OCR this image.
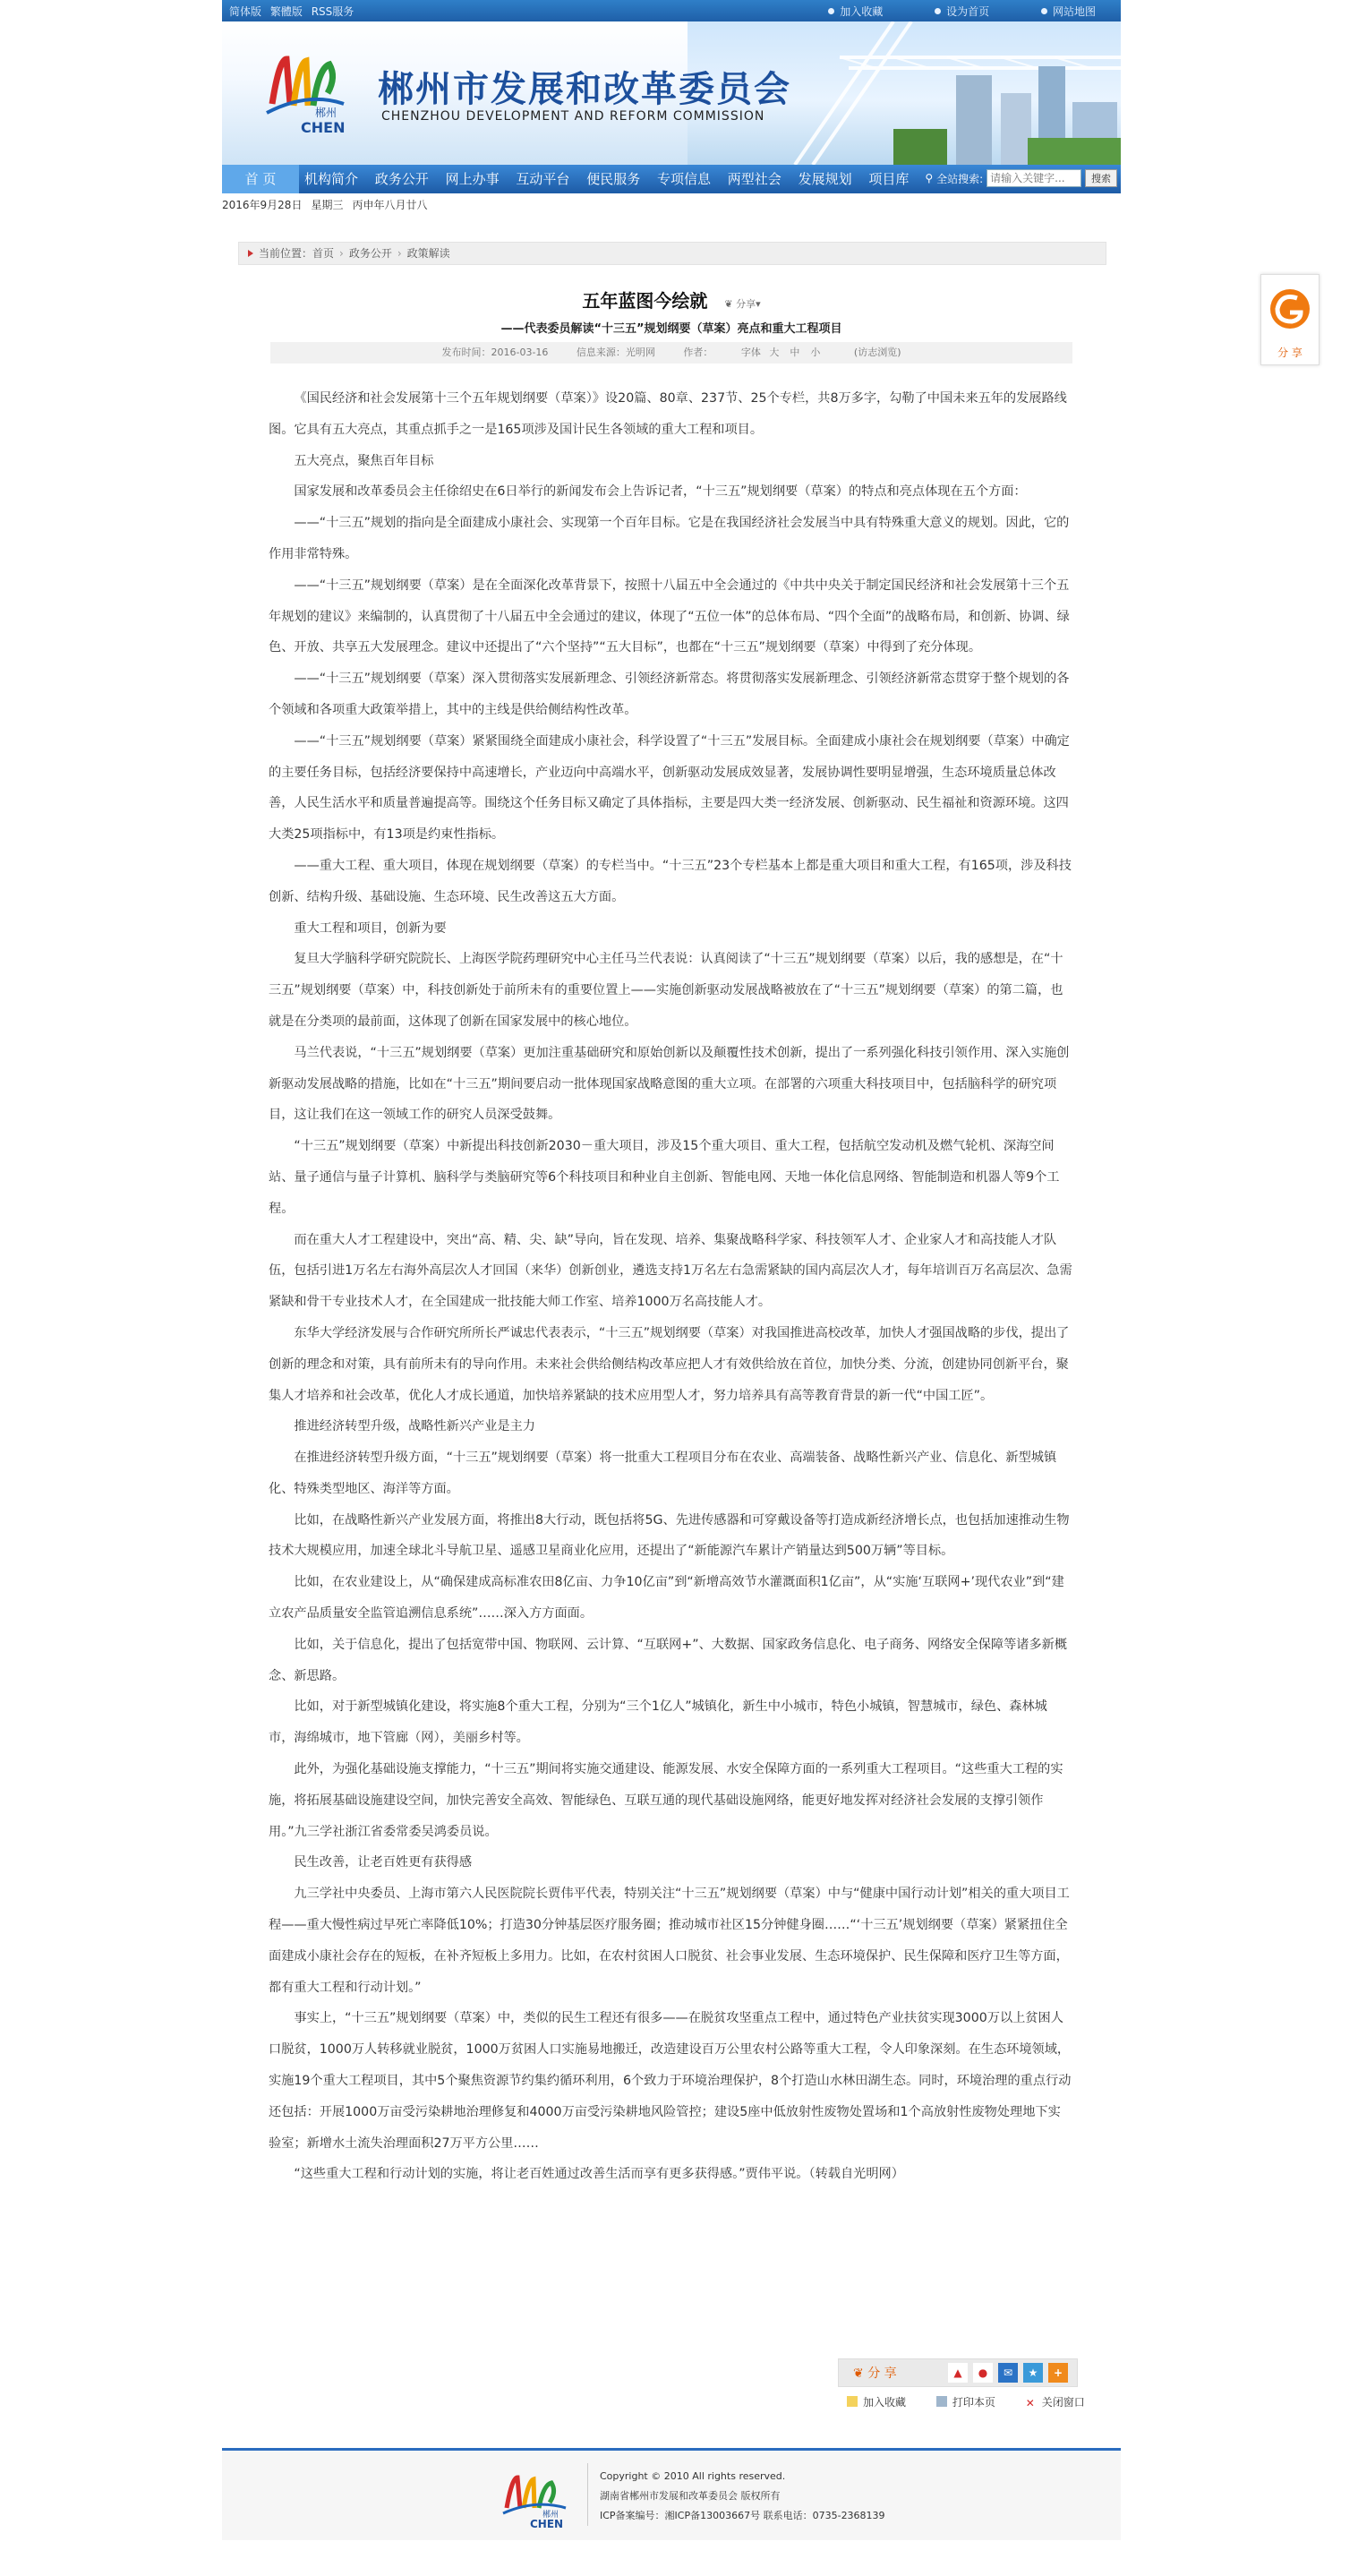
简体版 繁體版 RSS服务	加入收藏	设为首页	网站地图
郴州
CHEN
郴州市发展和改革委员会
CHENZHOU DEVELOPMENT AND REFORM COMMISSION
首 页	机构简介 政务公开 网上办事 互动平台 便民服务 专项信息 两型社会 发展规划 项目库	⚲ 全站搜索:请输入关键字...	搜索
2016年9月28日 星期三 丙申年八月廿八
当前位置：首页 › 政务公开 › 政策解读
五年蓝图今绘就 ❦ 分享▾
——代表委员解读“十三五”规划纲要（草案）亮点和重大工程项目
发布时间：2016-03-16	信息来源：光明网	作者：	字体 大 中 小	(访志浏览)

《国民经济和社会发展第十三个五年规划纲要（草案）》设20篇、80章、237节、25个专栏，共8万多字，勾勒了中国未来五年的发展路线图。它具有五大亮点，其重点抓手之一是165项涉及国计民生各领域的重大工程和项目。

五大亮点，聚焦百年目标

国家发展和改革委员会主任徐绍史在6日举行的新闻发布会上告诉记者，“十三五”规划纲要（草案）的特点和亮点体现在五个方面：

——“十三五”规划的指向是全面建成小康社会、实现第一个百年目标。它是在我国经济社会发展当中具有特殊重大意义的规划。因此，它的作用非常特殊。

——“十三五”规划纲要（草案）是在全面深化改革背景下，按照十八届五中全会通过的《中共中央关于制定国民经济和社会发展第十三个五年规划的建议》来编制的，认真贯彻了十八届五中全会通过的建议，体现了“五位一体”的总体布局、“四个全面”的战略布局，和创新、协调、绿色、开放、共享五大发展理念。建议中还提出了“六个坚持”“五大目标”，也都在“十三五”规划纲要（草案）中得到了充分体现。

——“十三五”规划纲要（草案）深入贯彻落实发展新理念、引领经济新常态。将贯彻落实发展新理念、引领经济新常态贯穿于整个规划的各个领域和各项重大政策举措上，其中的主线是供给侧结构性改革。

——“十三五”规划纲要（草案）紧紧围绕全面建成小康社会，科学设置了“十三五”发展目标。全面建成小康社会在规划纲要（草案）中确定的主要任务目标，包括经济要保持中高速增长，产业迈向中高端水平，创新驱动发展成效显著，发展协调性要明显增强，生态环境质量总体改善，人民生活水平和质量普遍提高等。围绕这个任务目标又确定了具体指标，主要是四大类一经济发展、创新驱动、民生福祉和资源环境。这四大类25项指标中，有13项是约束性指标。

——重大工程、重大项目，体现在规划纲要（草案）的专栏当中。“十三五”23个专栏基本上都是重大项目和重大工程，有165项，涉及科技创新、结构升级、基础设施、生态环境、民生改善这五大方面。

重大工程和项目，创新为要

复旦大学脑科学研究院院长、上海医学院药理研究中心主任马兰代表说：认真阅读了“十三五”规划纲要（草案）以后，我的感想是，在“十三五”规划纲要（草案）中，科技创新处于前所未有的重要位置上——实施创新驱动发展战略被放在了“十三五”规划纲要（草案）的第二篇，也就是在分类项的最前面，这体现了创新在国家发展中的核心地位。

马兰代表说，“十三五”规划纲要（草案）更加注重基础研究和原始创新以及颠覆性技术创新，提出了一系列强化科技引领作用、深入实施创新驱动发展战略的措施，比如在“十三五”期间要启动一批体现国家战略意图的重大立项。在部署的六项重大科技项目中，包括脑科学的研究项目，这让我们在这一领域工作的研究人员深受鼓舞。

“十三五”规划纲要（草案）中新提出科技创新2030－重大项目，涉及15个重大项目、重大工程，包括航空发动机及燃气轮机、深海空间站、量子通信与量子计算机、脑科学与类脑研究等6个科技项目和种业自主创新、智能电网、天地一体化信息网络、智能制造和机器人等9个工程。

而在重大人才工程建设中，突出“高、精、尖、缺”导向，旨在发现、培养、集聚战略科学家、科技领军人才、企业家人才和高技能人才队伍，包括引进1万名左右海外高层次人才回国（来华）创新创业，遴选支持1万名左右急需紧缺的国内高层次人才，每年培训百万名高层次、急需紧缺和骨干专业技术人才，在全国建成一批技能大师工作室、培养1000万名高技能人才。

东华大学经济发展与合作研究所所长严诚忠代表表示，“十三五”规划纲要（草案）对我国推进高校改革，加快人才强国战略的步伐，提出了创新的理念和对策，具有前所未有的导向作用。未来社会供给侧结构改革应把人才有效供给放在首位，加快分类、分流，创建协同创新平台，聚集人才培养和社会改革，优化人才成长通道，加快培养紧缺的技术应用型人才，努力培养具有高等教育背景的新一代“中国工匠”。

推进经济转型升级，战略性新兴产业是主力

在推进经济转型升级方面，“十三五”规划纲要（草案）将一批重大工程项目分布在农业、高端装备、战略性新兴产业、信息化、新型城镇化、特殊类型地区、海洋等方面。

比如，在战略性新兴产业发展方面，将推出8大行动，既包括将5G、先进传感器和可穿戴设备等打造成新经济增长点，也包括加速推动生物技术大规模应用，加速全球北斗导航卫星、遥感卫星商业化应用，还提出了“新能源汽车累计产销量达到500万辆”等目标。

比如，在农业建设上，从“确保建成高标准农田8亿亩、力争10亿亩”到“新增高效节水灌溉面积1亿亩”，从“实施‘互联网+’现代农业”到“建立农产品质量安全监管追溯信息系统”……深入方方面面。

比如，关于信息化，提出了包括宽带中国、物联网、云计算、“互联网+”、大数据、国家政务信息化、电子商务、网络安全保障等诸多新概念、新思路。

比如，对于新型城镇化建设，将实施8个重大工程，分别为“三个1亿人”城镇化，新生中小城市，特色小城镇，智慧城市，绿色、森林城市，海绵城市，地下管廊（网），美丽乡村等。

此外，为强化基础设施支撑能力，“十三五”期间将实施交通建设、能源发展、水安全保障方面的一系列重大工程项目。“这些重大工程的实施，将拓展基础设施建设空间，加快完善安全高效、智能绿色、互联互通的现代基础设施网络，能更好地发挥对经济社会发展的支撑引领作用。”九三学社浙江省委常委吴鸿委员说。

民生改善，让老百姓更有获得感

九三学社中央委员、上海市第六人民医院院长贾伟平代表，特别关注“十三五”规划纲要（草案）中与“健康中国行动计划”相关的重大项目工程——重大慢性病过早死亡率降低10%；打造30分钟基层医疗服务圈；推动城市社区15分钟健身圈……“‘十三五’规划纲要（草案）紧紧扭住全面建成小康社会存在的短板，在补齐短板上多用力。比如，在农村贫困人口脱贫、社会事业发展、生态环境保护、民生保障和医疗卫生等方面，都有重大工程和行动计划。”

事实上，“十三五”规划纲要（草案）中，类似的民生工程还有很多——在脱贫攻坚重点工程中，通过特色产业扶贫实现3000万以上贫困人口脱贫，1000万人转移就业脱贫，1000万贫困人口实施易地搬迁，改造建设百万公里农村公路等重大工程，令人印象深刻。在生态环境领域，实施19个重大工程项目，其中5个聚焦资源节约集约循环利用，6个致力于环境治理保护，8个打造山水林田湖生态。同时，环境治理的重点行动还包括：开展1000万亩受污染耕地治理修复和4000万亩受污染耕地风险管控；建设5座中低放射性废物处置场和1个高放射性废物处理地下实验室；新增水土流失治理面积27万平方公里……

“这些重大工程和行动计划的实施，将让老百姓通过改善生活而享有更多获得感。”贾伟平说。（转载自光明网）

❦ 分 享	▲	●	✉	★	+
加入收藏	打印本页	✕ 关闭窗口
郴州
CHEN
Copyright © 2010 All rights reserved.
湖南省郴州市发展和改革委员会 版权所有
ICP备案编号：湘ICP备13003667号 联系电话：0735-2368139
分 享
